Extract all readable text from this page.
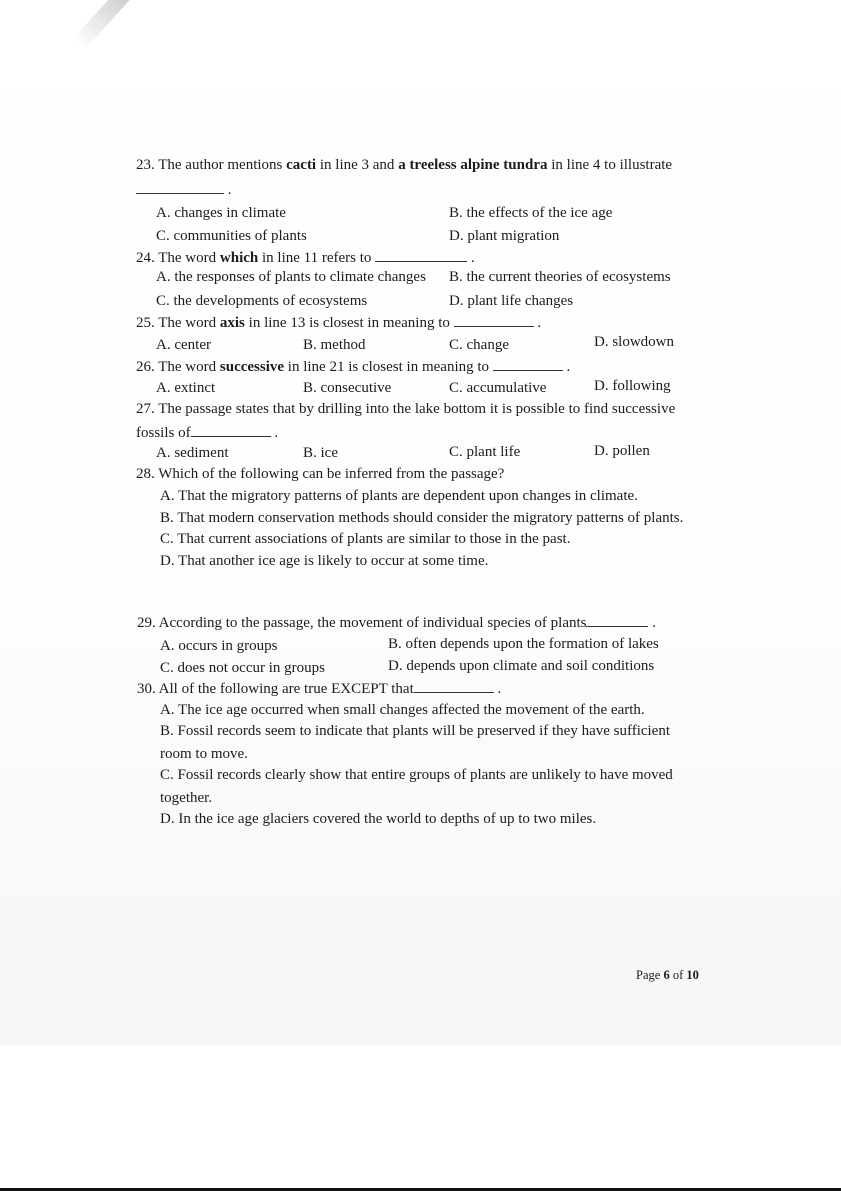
23. The author mentions cacti in line 3 and a treeless alpine tundra in line 4 to illustrate
.
A. changes in climate	B. the effects of the ice age
C. communities of plants	D. plant migration
24. The word which in line 11 refers to	.
A. the responses of plants to climate changes B. the current theories of ecosystems
C. the developments of ecosystems	D. plant life changes
25. The word axis in line 13 is closest in meaning to	.
A. center	B. method	C. change	D. slowdown
26. The word successive in line 21 is closest in meaning to	.
A. extinct	B. consecutive	C. accumulative	D. following
27. The passage states that by drilling into the lake bottom it is possible to find successive
fossils of	.
A. sediment	B. ice	C. plant life	D. pollen
28. Which of the following can be inferred from the passage?
A. That the migratory patterns of plants are dependent upon changes in climate.
B. That modern conservation methods should consider the migratory patterns of plants.
C. That current associations of plants are similar to those in the past.
D. That another ice age is likely to occur at some time.
29. According to the passage, the movement of individual species of plants	.
A. occurs in groups	B. often depends upon the formation of lakes
C. does not occur in groups	D. depends upon climate and soil conditions
30. All of the following are true EXCEPT that	.
A. The ice age occurred when small changes affected the movement of the earth.
B. Fossil records seem to indicate that plants will be preserved if they have sufficient
room to move.
C. Fossil records clearly show that entire groups of plants are unlikely to have moved
together.
D. In the ice age glaciers covered the world to depths of up to two miles.
Page 6 of 10
